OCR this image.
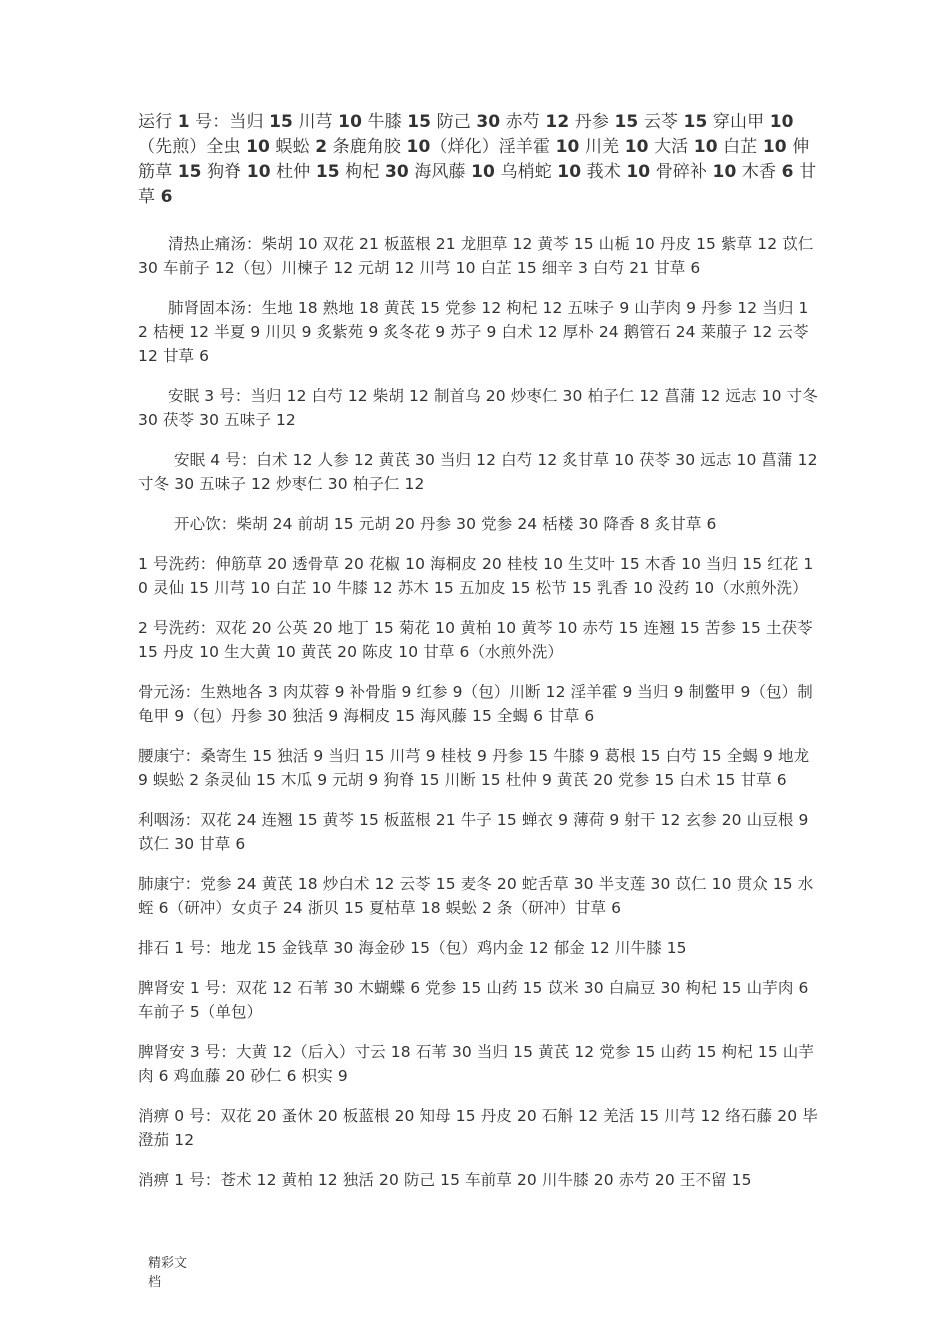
运行 1 号：当归 15 川芎 10 牛膝 15 防己 30 赤芍 12 丹参 15 云苓 15 穿山甲 10（先煎）全虫 10 蜈蚣 2 条鹿角胶 10（烊化）淫羊霍 10 川羌 10 大活 10 白芷 10 伸筋草 15 狗脊 10 杜仲 15 枸杞 30 海风藤 10 乌梢蛇 10 莪术 10 骨碎补 10 木香 6 甘草 6

清热止痛汤：柴胡 10 双花 21 板蓝根 21 龙胆草 12 黄芩 15 山栀 10 丹皮 15 紫草 12 苡仁 30 车前子 12（包）川楝子 12 元胡 12 川芎 10 白芷 15 细辛 3 白芍 21 甘草 6

肺肾固本汤：生地 18 熟地 18 黄芪 15 党参 12 枸杞 12 五味子 9 山芋肉 9 丹参 12 当归 12 桔梗 12 半夏 9 川贝 9 炙紫苑 9 炙冬花 9 苏子 9 白术 12 厚朴 24 鹅管石 24 莱菔子 12 云苓 12 甘草 6

安眠 3 号：当归 12 白芍 12 柴胡 12 制首乌 20 炒枣仁 30 柏子仁 12 菖蒲 12 远志 10 寸冬 30 茯苓 30 五味子 12

安眠 4 号：白术 12 人参 12 黄芪 30 当归 12 白芍 12 炙甘草 10 茯苓 30 远志 10 菖蒲 12 寸冬 30 五味子 12 炒枣仁 30 柏子仁 12

开心饮：柴胡 24 前胡 15 元胡 20 丹参 30 党参 24 栝楼 30 降香 8 炙甘草 6

1 号洗药：伸筋草 20 透骨草 20 花椒 10 海桐皮 20 桂枝 10 生艾叶 15 木香 10 当归 15 红花 10 灵仙 15 川芎 10 白芷 10 牛膝 12 苏木 15 五加皮 15 松节 15 乳香 10 没药 10（水煎外洗）

2 号洗药：双花 20 公英 20 地丁 15 菊花 10 黄柏 10 黄芩 10 赤芍 15 连翘 15 苦参 15 土茯苓 15 丹皮 10 生大黄 10 黄芪 20 陈皮 10 甘草 6（水煎外洗）

骨元汤：生熟地各 3 肉苁蓉 9 补骨脂 9 红参 9（包）川断 12 淫羊霍 9 当归 9 制鳖甲 9（包）制龟甲 9（包）丹参 30 独活 9 海桐皮 15 海风藤 15 全蝎 6 甘草 6

腰康宁：桑寄生 15 独活 9 当归 15 川芎 9 桂枝 9 丹参 15 牛膝 9 葛根 15 白芍 15 全蝎 9 地龙 9 蜈蚣 2 条灵仙 15 木瓜 9 元胡 9 狗脊 15 川断 15 杜仲 9 黄芪 20 党参 15 白术 15 甘草 6

利咽汤：双花 24 连翘 15 黄芩 15 板蓝根 21 牛子 15 蝉衣 9 薄荷 9 射干 12 玄参 20 山豆根 9 苡仁 30 甘草 6

肺康宁：党参 24 黄芪 18 炒白术 12 云苓 15 麦冬 20 蛇舌草 30 半支莲 30 苡仁 10 贯众 15 水蛭 6（研冲）女贞子 24 浙贝 15 夏枯草 18 蜈蚣 2 条（研冲）甘草 6

排石 1 号：地龙 15 金钱草 30 海金砂 15（包）鸡内金 12 郁金 12 川牛膝 15

脾肾安 1 号：双花 12 石苇 30 木蝴蝶 6 党参 15 山药 15 苡米 30 白扁豆 30 枸杞 15 山芋肉 6 车前子 5（单包）

脾肾安 3 号：大黄 12（后入）寸云 18 石苇 30 当归 15 黄芪 12 党参 15 山药 15 枸杞 15 山芋肉 6 鸡血藤 20 砂仁 6 枳实 9

消痹 0 号：双花 20 蚤休 20 板蓝根 20 知母 15 丹皮 20 石斛 12 羌活 15 川芎 12 络石藤 20 毕澄茄 12

消痹 1 号：苍术 12 黄柏 12 独活 20 防己 15 车前草 20 川牛膝 20 赤芍 20 王不留 15

精彩文档
